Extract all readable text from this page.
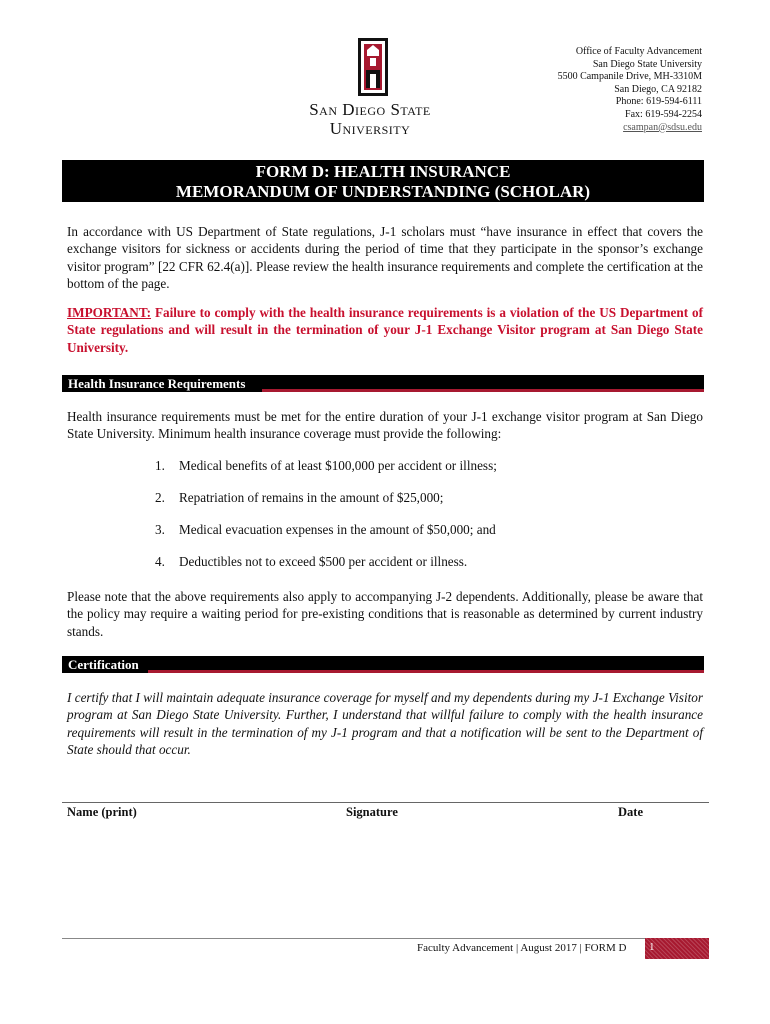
San Diego State
University
Office of Faculty Advancement
San Diego State University
5500 Campanile Drive, MH-3310M
San Diego, CA 92182
Phone: 619-594-6111
Fax: 619-594-2254
csampan@sdsu.edu
FORM D: HEALTH INSURANCE
MEMORANDUM OF UNDERSTANDING (SCHOLAR)
In accordance with US Department of State regulations, J-1 scholars must “have insurance in effect that covers the exchange visitors for sickness or accidents during the period of time that they participate in the sponsor’s exchange visitor program” [22 CFR 62.4(a)]. Please review the health insurance requirements and complete the certification at the bottom of the page.
IMPORTANT: Failure to comply with the health insurance requirements is a violation of the US Department of State regulations and will result in the termination of your J-1 Exchange Visitor program at San Diego State University.
Health Insurance Requirements
Health insurance requirements must be met for the entire duration of your J-1 exchange visitor program at San Diego State University. Minimum health insurance coverage must provide the following:
1. Medical benefits of at least $100,000 per accident or illness;
2. Repatriation of remains in the amount of $25,000;
3. Medical evacuation expenses in the amount of $50,000; and
4. Deductibles not to exceed $500 per accident or illness.
Please note that the above requirements also apply to accompanying J-2 dependents. Additionally, please be aware that the policy may require a waiting period for pre-existing conditions that is reasonable as determined by current industry stands.
Certification
I certify that I will maintain adequate insurance coverage for myself and my dependents during my J-1 Exchange Visitor program at San Diego State University. Further, I understand that willful failure to comply with the health insurance requirements will result in the termination of my J-1 program and that a notification will be sent to the Department of State should that occur.
Name (print)	Signature	Date
Faculty Advancement | August 2017 | FORM D 1
